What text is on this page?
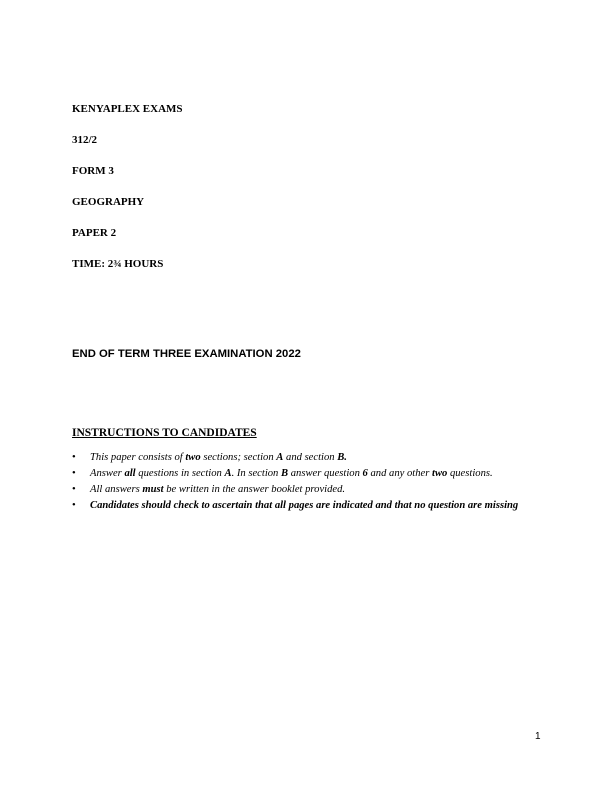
KENYAPLEX EXAMS
312/2
FORM 3
GEOGRAPHY
PAPER 2
TIME: 2¾ HOURS
END OF TERM THREE EXAMINATION 2022
INSTRUCTIONS TO CANDIDATES
• This paper consists of two sections; section A and section B.
• Answer all questions in section A. In section B answer question 6 and any other two questions.
• All answers must be written in the answer booklet provided.
• Candidates should check to ascertain that all pages are indicated and that no question are missing
1
